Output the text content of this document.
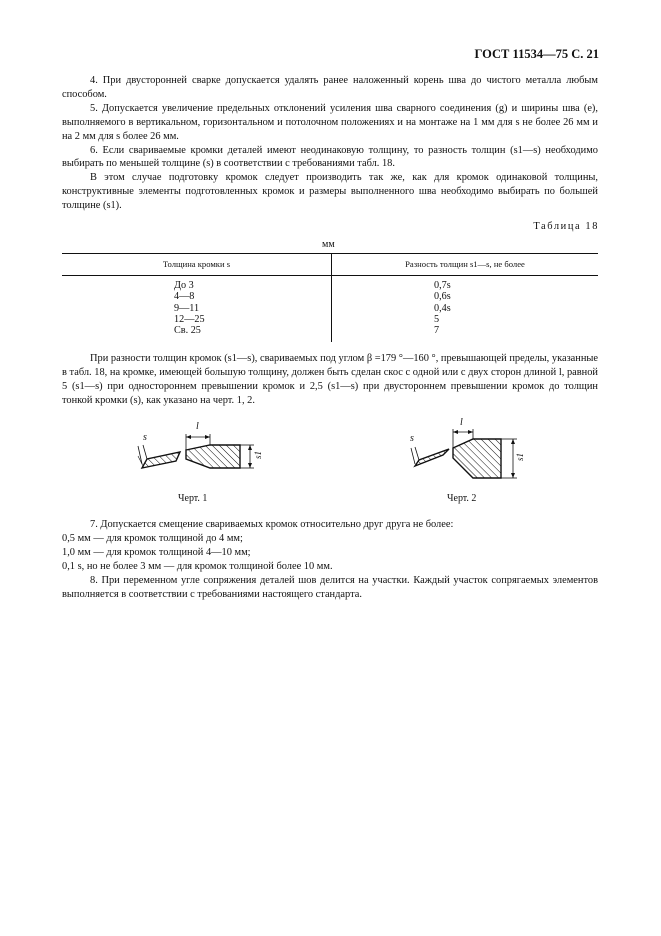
ГОСТ 11534—75 С. 21

4. При двусторонней сварке допускается удалять ранее наложенный корень шва до чистого металла любым способом.

5. Допускается увеличение предельных отклонений усиления шва сварного соединения (g) и ширины шва (e), выполняемого в вертикальном, горизонтальном и потолочном положениях и на монтаже на 1 мм для s не более 26 мм и на 2 мм для s более 26 мм.

6. Если свариваемые кромки деталей имеют неодинаковую толщину, то разность толщин (s1—s) необходимо выбирать по меньшей толщине (s) в соответствии с требованиями табл. 18.

В этом случае подготовку кромок следует производить так же, как для кромок одинаковой толщины, конструктивные элементы подготовленных кромок и размеры выполненного шва необходимо выбирать по большей толщине (s1).

Таблица 18
мм
Толщина кромки s	Разность толщин s1—s, не более
До 3
4—8
9—11
12—25
Св. 25
0,7s
0,6s
0,4s
5
7

При разности толщин кромок (s1—s), свариваемых под углом β =179 °—160 °, превышающей пределы, указанные в табл. 18, на кромке, имеющей большую толщину, должен быть сделан скос с одной или с двух сторон длиной l, равной 5 (s1—s) при одностороннем превышении кромок и 2,5 (s1—s) при двустороннем превышении кромок до толщин тонкой кромки (s), как указано на черт. 1, 2.

l
s
s1
Черт. 1
l
s
s1
Черт. 2

7. Допускается смещение свариваемых кромок относительно друг друга не более:

0,5 мм — для кромок толщиной до 4 мм;

1,0 мм — для кромок толщиной 4—10 мм;

0,1 s, но не более 3 мм — для кромок толщиной более 10 мм.

8. При переменном угле сопряжения деталей шов делится на участки. Каждый участок сопрягаемых элементов выполняется в соответствии с требованиями настоящего стандарта.
